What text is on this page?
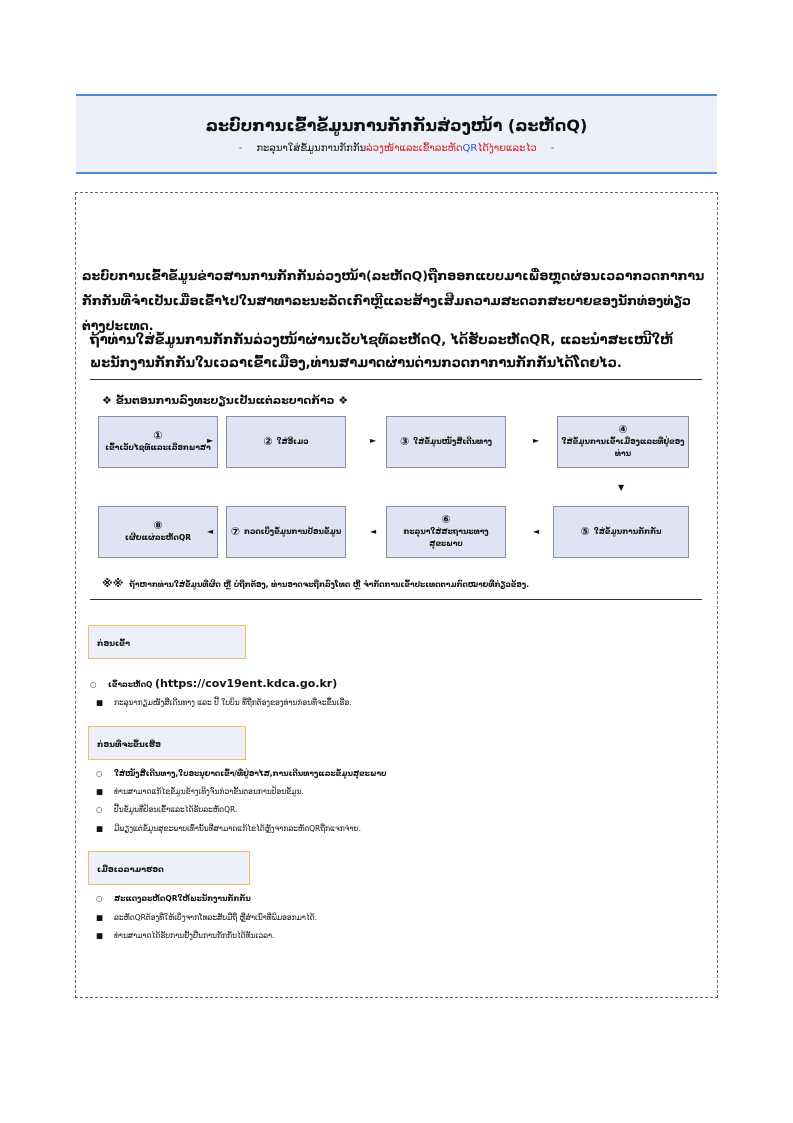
ລະບົບການເຂົ້າຂໍ້ມູນການກັກກັນສ່ວງໜ້າ (ລະຫັດQ)
- ກະລຸນາໃສ່ຂໍ້ມູນການກັກກັນລ່ວງໜ້າແລະເຂົ້າລະຫັດQRໄດ້ງ່າຍແລະໄວ -
ລະບົບການເຂົ້າຂໍ້ມູນຂ່າວສານການກັກກັນລ່ວງໜ້າ(ລະຫັດQ)ຖືກອອກແບບມາເພື່ອຫຼຸດຜ່ອນເວລາກວດກາການກັກກັນທີ່ຈໍາເປັນເມື່ອເຂົ້າໄປໃນສາທາລະນະລັດເກົາຫຼີແລະສ້າງເສີມຄວາມສະດວກສະບາຍຂອງນັກທ່ອງທ່ຽວຕ່າງປະເທດ.
ຖ້າທ່ານໃສ່ຂໍ້ມູນການກັກກັນລ່ວງໜ້າຜ່ານເວັບໄຊທ໌ລະຫັດQ, ໄດ້ຮັບລະຫັດQR, ແລະນໍາສະເໜີໃຫ້ພະນັກງານກັກກັນໃນເວລາເຂົ້າເມືອງ,ທ່ານສາມາດຜ່ານດ່ານກວດກາການກັກກັນໄດ້ໂດຍໄວ.
❖ ຂັ້ນຕອນການລົງທະບຽນເປັນແຕ່ລະບາດກ້າວ ❖
①
ເຂົ້າເວັບໄຊທ໌ແລະເລືອກພາສາ
►	② ໃສ່ອີເມວ	► ③ ໃສ່ຂໍ້ມູນໜັງສືເດີນທາງ	►
④
ໃສ່ຂໍ້ມູນການເຂົ້າເມືອງແລະທີ່ຢູ່ຂອງທ່ານ
▼
⑧
ເຜີຍແຜ່ລະຫັດQR
◄ ⑦ ກວດເບິ່ງຂໍ້ມູນການປ້ອນຂໍ້ມູນ	◄
⑥
ກະລຸນາໃສ່ສະຖານະທາງສຸຂະພາບ
◄	⑤ ໃສ່ຂໍ້ມູນການກັກກັນ
※※ ຖ້າຫາກທ່ານໃສ່ຂໍ້ມູນທີ່ຜິດ ຫຼື ບໍ່ຖືກຕ້ອງ, ທ່ານອາດຈະຖືກລົງໂທດ ຫຼື ຈໍາກັດການເຂົ້າປະເທດຕາມກົດໝາຍທີ່ກ່ຽວຂ້ອງ.
ກ່ອນເຂົ້າ
○ ເຂົ້າລະຫັດQ (https://cov19ent.kdca.go.kr)
■ ກະລຸນາກຽມໜັງສືເດີນທາງ ແລະ ປີ້ ໃບບິນ ທີ່ຖືກຕ້ອງຂອງທ່ານກ່ອນທີ່ຈະຂຶ້ນເຮືອ.
ກ່ອນທີ່ຈະຂຶ້ນເຮືອ
○ ໃສ່ໜັງສືເດີນທາງ,ໃບອະນຸຍາດເຂົ້າ/ທີ່ຢູ່ອາໄສ,ການເດີນທາງແລະຂໍ້ມູນສຸຂະພາບ
■ ທ່ານສາມາດແກ້ໄຂຂໍ້ມູນຂ້າງເທິງຈົນກ່ວາຂັ້ນຕອນການປ້ອນຂໍ້ມູນ.
○ ປີ້ນຂໍ້ມູນທີ່ປ້ອນເຂົ້າແລະໄດ້ຮັບລະຫັດQR.
■ ມີພຽງແຕ່ຂໍ້ມູນສຸຂະພາບເທົ່ານັ້ນທີ່ສາມາດແກ້ໄຂໄດ້ຫຼັງຈາກລະຫັດQRຖືກແຈກຈ່າຍ.
ເມື່ອເວລາມາຮອດ
○ ສະແດງລະຫັດQRໃຫ້ພະນັກງານກັກກັນ
■ ລະຫັດQRຕ້ອງທີ່ໃຫ້ເບິ່ງຈາກໂທລະສັບມືຖື ຫຼືສໍາເນົາທີ່ພິມອອກມາໄດ້.
■ ທ່ານສາມາດໄດ້ຮັບການຢັ້ງຢືນການກັກກັນໄດ້ທັນເວລາ.
